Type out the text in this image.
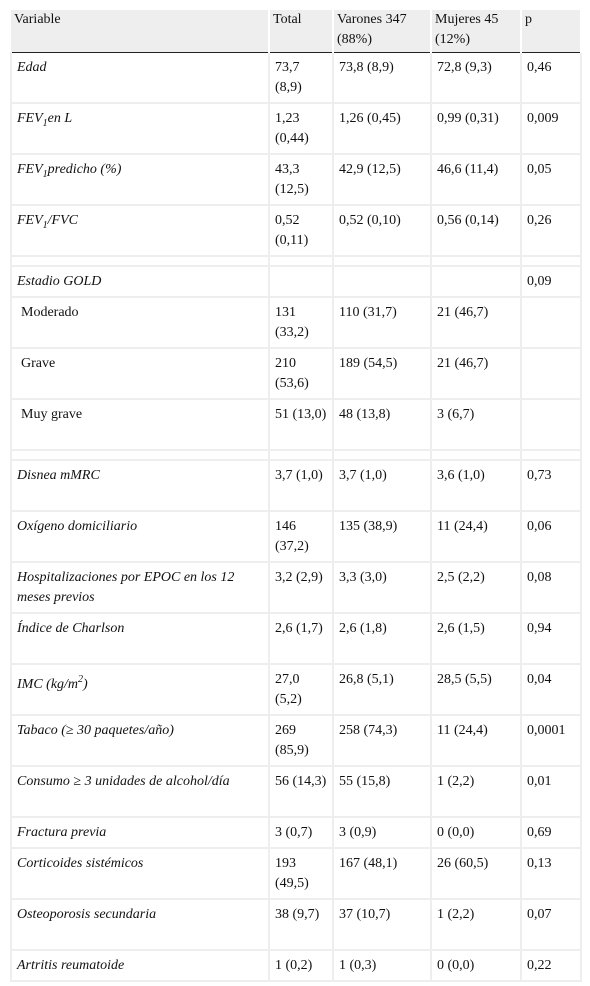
Variable	Total	Varones 347 (88%)	Mujeres 45 (12%)	p
Edad	73,7 (8,9)	73,8 (8,9)	72,8 (9,3)	0,46
$FEV_1en$ L	1,23 (0,44)	1,26 (0,45)	0,99 (0,31)	0,009
$FEV_1predicho$ (%)	43,3 (12,5)	42,9 (12,5)	46,6 (11,4)	0,05
$FEV_1$/FVC	0,52 (0,11)	0,52 (0,10)	0,56 (0,14)	0,26

Estadio GOLD				0,09
Moderado	131 (33,2)	110 (31,7)	21 (46,7)	
Grave	210 (53,6)	189 (54,5)	21 (46,7)	
Muy grave	51 (13,0)	48 (13,8)	3 (6,7)	

Disnea mMRC	3,7 (1,0)	3,7 (1,0)	3,6 (1,0)	0,73
Oxígeno domiciliario	146 (37,2)	135 (38,9)	11 (24,4)	0,06
Hospitalizaciones por EPOC en los 12 meses previos	3,2 (2,9)	3,3 (3,0)	2,5 (2,2)	0,08
Índice de Charlson	2,6 (1,7)	2,6 (1,8)	2,6 (1,5)	0,94
IMC $(kg/m^2)$	27,0 (5,2)	26,8 (5,1)	28,5 (5,5)	0,04
Tabaco (≥ 30 paquetes/año)	269 (85,9)	258 (74,3)	11 (24,4)	0,0001
Consumo ≥ 3 unidades de alcohol/día	56 (14,3)	55 (15,8)	1 (2,2)	0,01
Fractura previa	3 (0,7)	3 (0,9)	0 (0,0)	0,69
Corticoides sistémicos	193 (49,5)	167 (48,1)	26 (60,5)	0,13
Osteoporosis secundaria	38 (9,7)	37 (10,7)	1 (2,2)	0,07
Artritis reumatoide	1 (0,2)	1 (0,3)	0 (0,0)	0,22
